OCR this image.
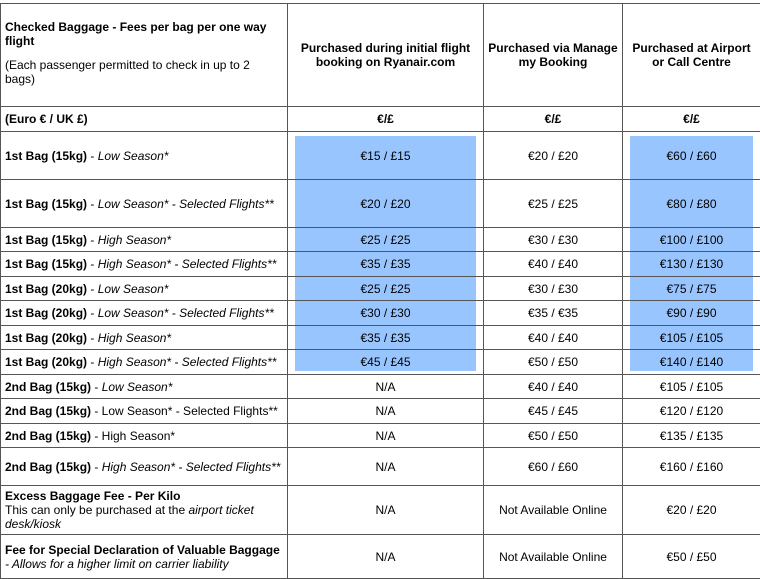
Checked Baggage - Fees per bag per one way flight
(Each passenger permitted to check in up to 2 bags)	Purchased during initial flight booking on Ryanair.com	Purchased via Manage my Booking	Purchased at Airport or Call Centre
(Euro € / UK £)	€/£	€/£	€/£
1st Bag (15kg) - Low Season*	€15 / £15	€20 / £20	€60 / £60
1st Bag (15kg) - Low Season* - Selected Flights**	€20 / £20	€25 / £25	€80 / £80
1st Bag (15kg) - High Season*	€25 / £25	€30 / £30	€100 / £100
1st Bag (15kg) - High Season* - Selected Flights**	€35 / £35	€40 / £40	€130 / £130
1st Bag (20kg) - Low Season*	€25 / £25	€30 / £30	€75 / £75
1st Bag (20kg) - Low Season* - Selected Flights**	€30 / £30	€35 / €35	€90 / £90
1st Bag (20kg) - High Season*	€35 / £35	€40 / £40	€105 / £105
1st Bag (20kg) - High Season* - Selected Flights**	€45 / £45	€50 / £50	€140 / £140
2nd Bag (15kg) - Low Season*	N/A	€40 / £40	€105 / £105
2nd Bag (15kg) - Low Season* - Selected Flights**	N/A	€45 / £45	€120 / £120
2nd Bag (15kg) - High Season*	N/A	€50 / £50	€135 / £135
2nd Bag (15kg) - High Season* - Selected Flights**	N/A	€60 / £60	€160 / £160
Excess Baggage Fee - Per Kilo
This can only be purchased at the airport ticket desk/kiosk	N/A	Not Available Online	€20 / £20
Fee for Special Declaration of Valuable Baggage
- Allows for a higher limit on carrier liability	N/A	Not Available Online	€50 / £50
